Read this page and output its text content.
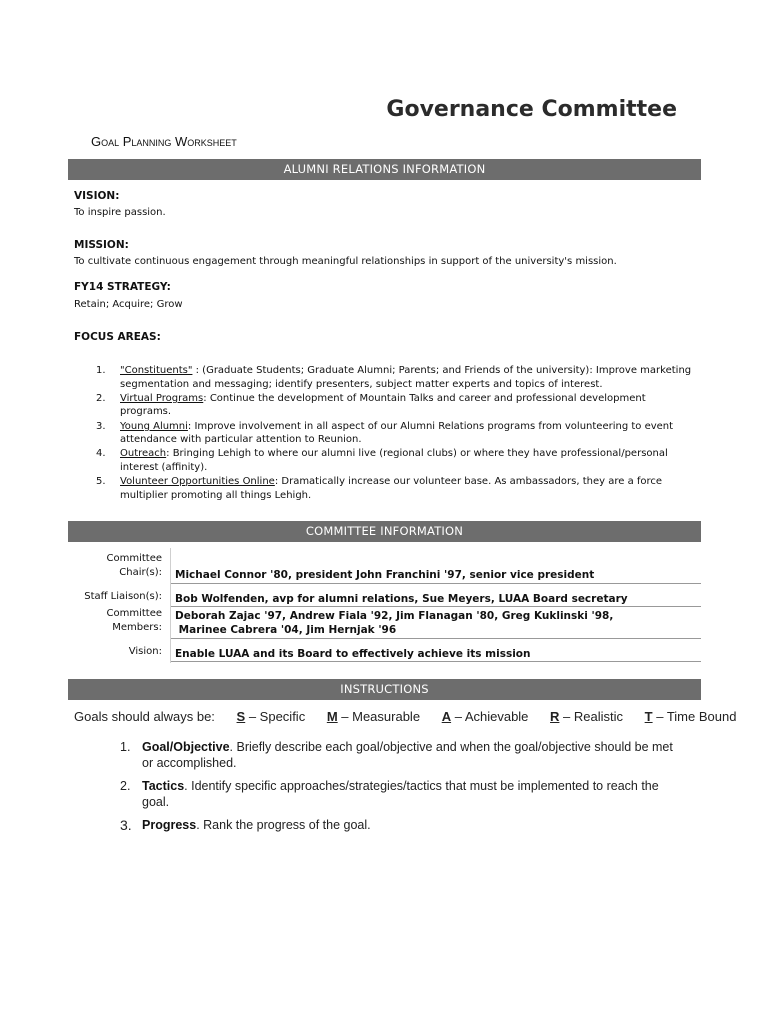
Governance Committee
Goal Planning Worksheet
ALUMNI RELATIONS INFORMATION
VISION:
To inspire passion.
MISSION:
To cultivate continuous engagement through meaningful relationships in support of the university's mission.
FY14 STRATEGY:
Retain; Acquire; Grow
FOCUS AREAS:
1. "Constituents" : (Graduate Students; Graduate Alumni; Parents; and Friends of the university): Improve marketing segmentation and messaging; identify presenters, subject matter experts and topics of interest.
2. Virtual Programs: Continue the development of Mountain Talks and career and professional development programs.
3. Young Alumni: Improve involvement in all aspect of our Alumni Relations programs from volunteering to event attendance with particular attention to Reunion.
4. Outreach: Bringing Lehigh to where our alumni live (regional clubs) or where they have professional/personal interest (affinity).
5. Volunteer Opportunities Online: Dramatically increase our volunteer base. As ambassadors, they are a force multiplier promoting all things Lehigh.
COMMITTEE INFORMATION
Committee
Chair(s): Michael Connor '80, president John Franchini '97, senior vice president
Staff Liaison(s): Bob Wolfenden, avp for alumni relations, Sue Meyers, LUAA Board secretary
Committee
Members:
Deborah Zajac '97, Andrew Fiala '92, Jim Flanagan '80, Greg Kuklinski '98,
Marinee Cabrera '04, Jim Hernjak '96
Vision: Enable LUAA and its Board to effectively achieve its mission
INSTRUCTIONS
Goals should always be: S – Specific M – Measurable A – Achievable R – Realistic T – Time Bound
1. Goal/Objective. Briefly describe each goal/objective and when the goal/objective should be met or accomplished.
2. Tactics. Identify specific approaches/strategies/tactics that must be implemented to reach the goal.
3. Progress. Rank the progress of the goal.
